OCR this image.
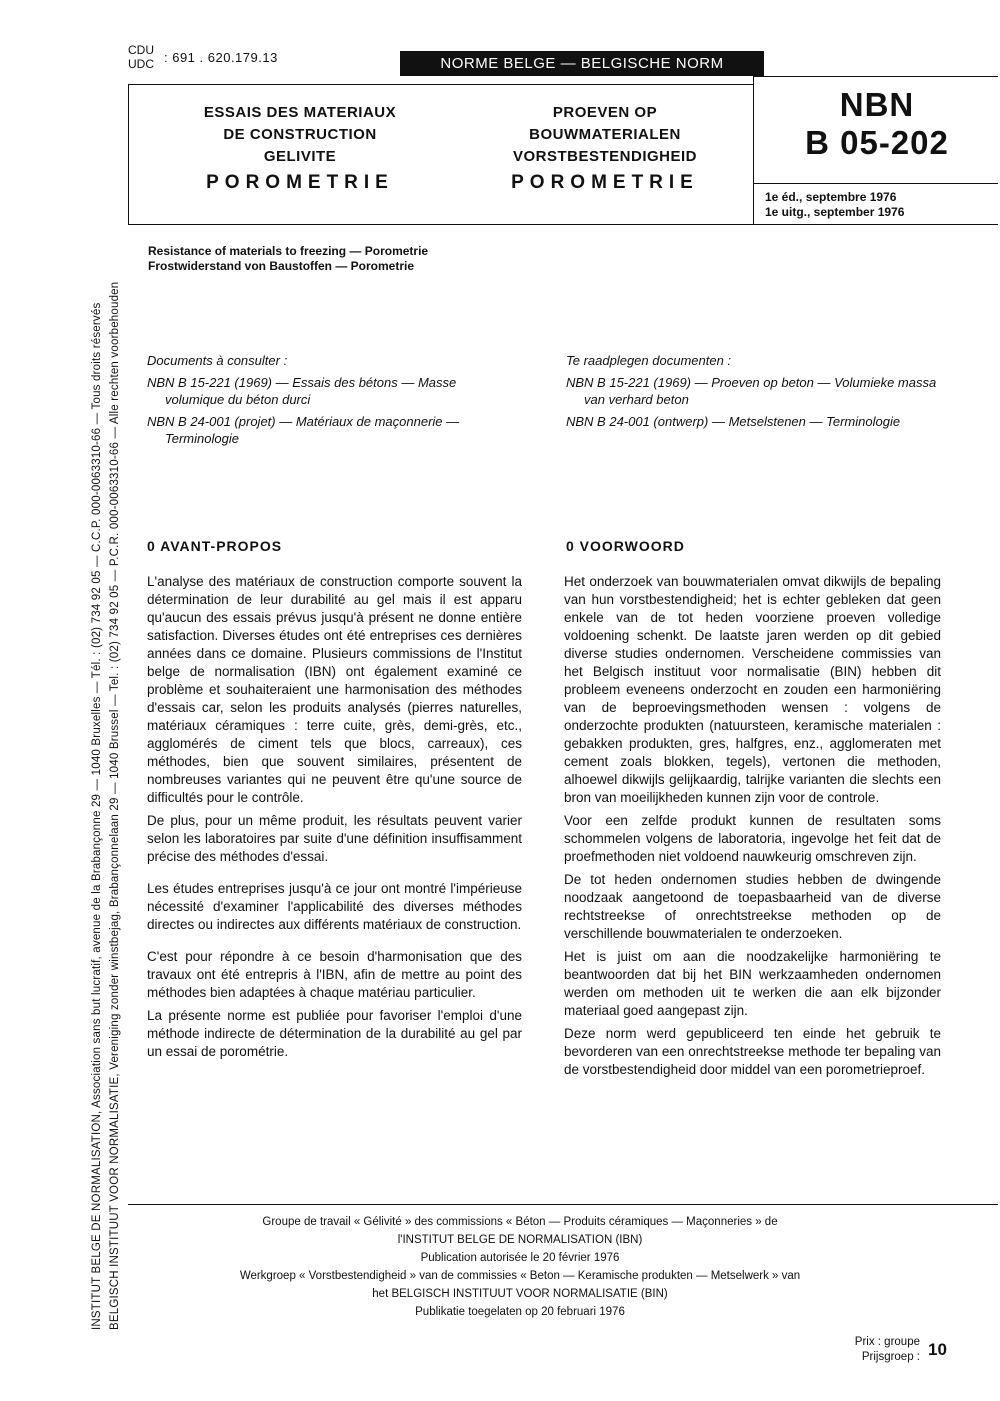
INSTITUT BELGE DE NORMALISATION, Association sans but lucratif, avenue de la Brabançonne 29 — 1040 Bruxelles — Tél. : (02) 734 92 05 — C.C.P. 000-0063310-66 — Tous droits réservés BELGISCH INSTITUUT VOOR NORMALISATIE, Vereniging zonder winstbejag, Brabançonnelaan 29 — 1040 Brussel — Tel. : (02) 734 92 05 — P.C.R. 000-0063310-66 — Alle rechten voorbehouden
CDU
UDC : 691 . 620.179.13	NORME BELGE — BELGISCHE NORM
ESSAIS DES MATERIAUX
DE CONSTRUCTION
GELIVITE
POROMETRIE
PROEVEN OP
BOUWMATERIALEN
VORSTBESTENDIGHEID
POROMETRIE
NBN
B 05-202
1e éd., septembre 1976
1e uitg., september 1976
Resistance of materials to freezing — Porometrie
Frostwiderstand von Baustoffen — Porometrie

Documents à consulter :

NBN B 15-221 (1969) — Essais des bétons — Masse volumique du béton durci

NBN B 24-001 (projet) — Matériaux de maçonnerie — Terminologie

Te raadplegen documenten :

NBN B 15-221 (1969) — Proeven op beton — Volumieke massa van verhard beton

NBN B 24-001 (ontwerp) — Metselstenen — Terminologie

0 AVANT-PROPOS	0 VOORWOORD

L'analyse des matériaux de construction comporte souvent la détermination de leur durabilité au gel mais il est apparu qu'aucun des essais prévus jusqu'à présent ne donne entière satisfaction. Diverses études ont été entreprises ces dernières années dans ce domaine. Plusieurs commissions de l'Institut belge de normalisation (IBN) ont également examiné ce problème et souhaiteraient une harmonisation des méthodes d'essais car, selon les produits analysés (pierres naturelles, matériaux céramiques : terre cuite, grès, demi-grès, etc., agglomérés de ciment tels que blocs, carreaux), ces méthodes, bien que souvent similaires, présentent de nombreuses variantes qui ne peuvent être qu'une source de difficultés pour le contrôle.

De plus, pour un même produit, les résultats peuvent varier selon les laboratoires par suite d'une définition insuffisamment précise des méthodes d'essai.

Les études entreprises jusqu'à ce jour ont montré l'impérieuse nécessité d'examiner l'applicabilité des diverses méthodes directes ou indirectes aux différents matériaux de construction.

C'est pour répondre à ce besoin d'harmonisation que des travaux ont été entrepris à l'IBN, afin de mettre au point des méthodes bien adaptées à chaque matériau particulier.

La présente norme est publiée pour favoriser l'emploi d'une méthode indirecte de détermination de la durabilité au gel par un essai de porométrie.

Het onderzoek van bouwmaterialen omvat dikwijls de bepaling van hun vorstbestendigheid; het is echter gebleken dat geen enkele van de tot heden voorziene proeven volledige voldoening schenkt. De laatste jaren werden op dit gebied diverse studies ondernomen. Verscheidene commissies van het Belgisch instituut voor normalisatie (BIN) hebben dit probleem eveneens onderzocht en zouden een harmoniëring van de beproevingsmethoden wensen : volgens de onderzochte produkten (natuursteen, keramische materialen : gebakken produkten, gres, halfgres, enz., agglomeraten met cement zoals blokken, tegels), vertonen die methoden, alhoewel dikwijls gelijkaardig, talrijke varianten die slechts een bron van moeilijkheden kunnen zijn voor de controle.

Voor een zelfde produkt kunnen de resultaten soms schommelen volgens de laboratoria, ingevolge het feit dat de proefmethoden niet voldoend nauwkeurig omschreven zijn.

De tot heden ondernomen studies hebben de dwingende noodzaak aangetoond de toepasbaarheid van de diverse rechtstreekse of onrechtstreekse methoden op de verschillende bouwmaterialen te onderzoeken.

Het is juist om aan die noodzakelijke harmoniëring te beantwoorden dat bij het BIN werkzaamheden ondernomen werden om methoden uit te werken die aan elk bijzonder materiaal goed aangepast zijn.

Deze norm werd gepubliceerd ten einde het gebruik te bevorderen van een onrechtstreekse methode ter bepaling van de vorstbestendigheid door middel van een porometrieproef.

Groupe de travail « Gélivité » des commissions « Béton — Produits céramiques — Maçonneries » de
l'INSTITUT BELGE DE NORMALISATION (IBN)
Publication autorisée le 20 février 1976
Werkgroep « Vorstbestendigheid » van de commissies « Beton — Keramische produkten — Metselwerk » van
het BELGISCH INSTITUUT VOOR NORMALISATIE (BIN)
Publikatie toegelaten op 20 februari 1976
Prix : groupe
Prijsgroep : 10
